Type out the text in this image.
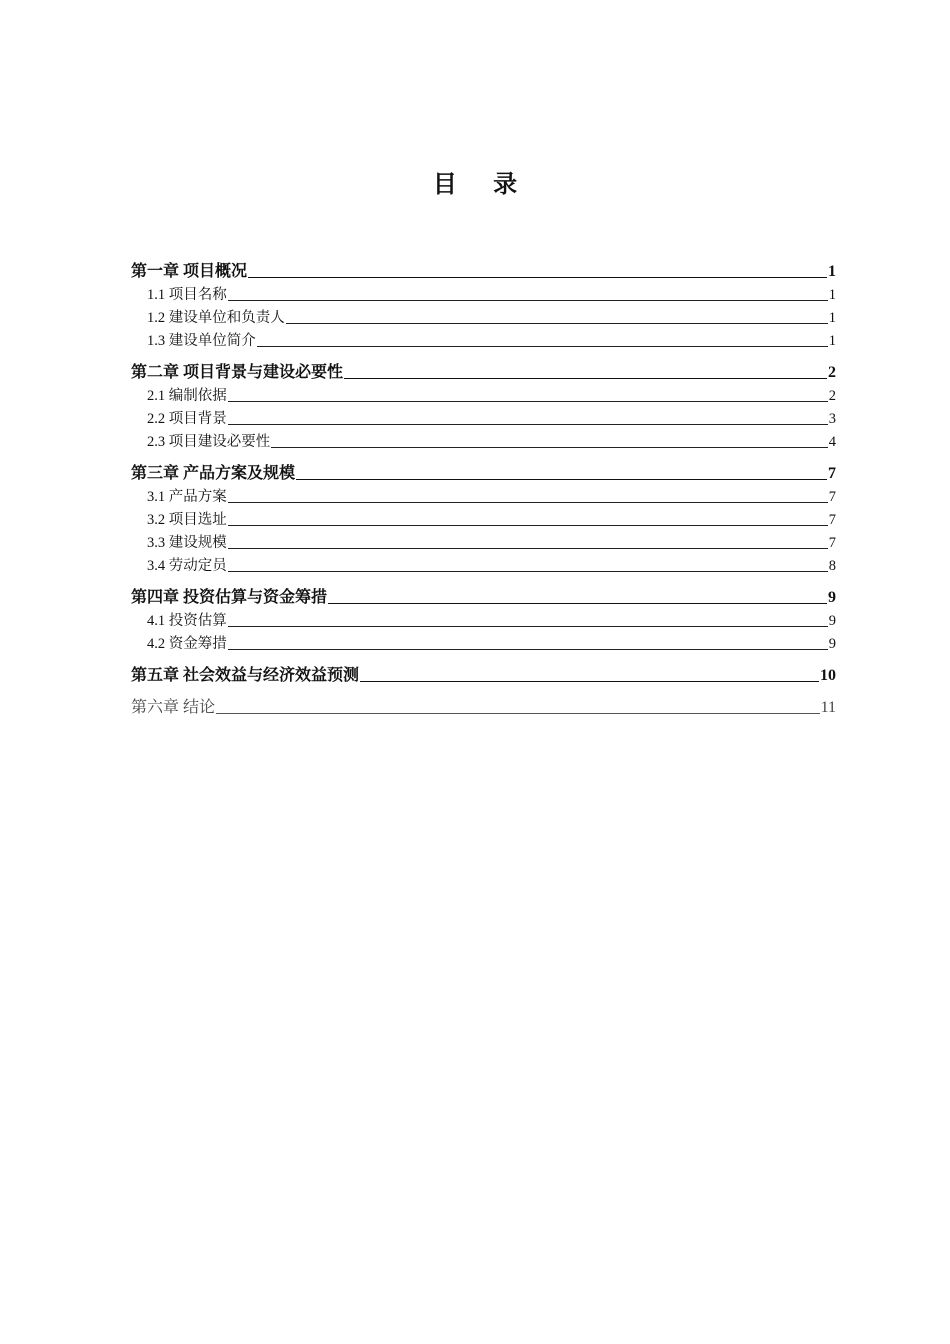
目 录
第一章 项目概况	1
1.1 项目名称	1
1.2 建设单位和负责人	1
1.3 建设单位简介	1
第二章 项目背景与建设必要性	2
2.1 编制依据	2
2.2 项目背景	3
2.3 项目建设必要性	4
第三章 产品方案及规模	7
3.1 产品方案	7
3.2 项目选址	7
3.3 建设规模	7
3.4 劳动定员	8
第四章 投资估算与资金筹措	9
4.1 投资估算	9
4.2 资金筹措	9
第五章 社会效益与经济效益预测	10
第六章 结论	11
